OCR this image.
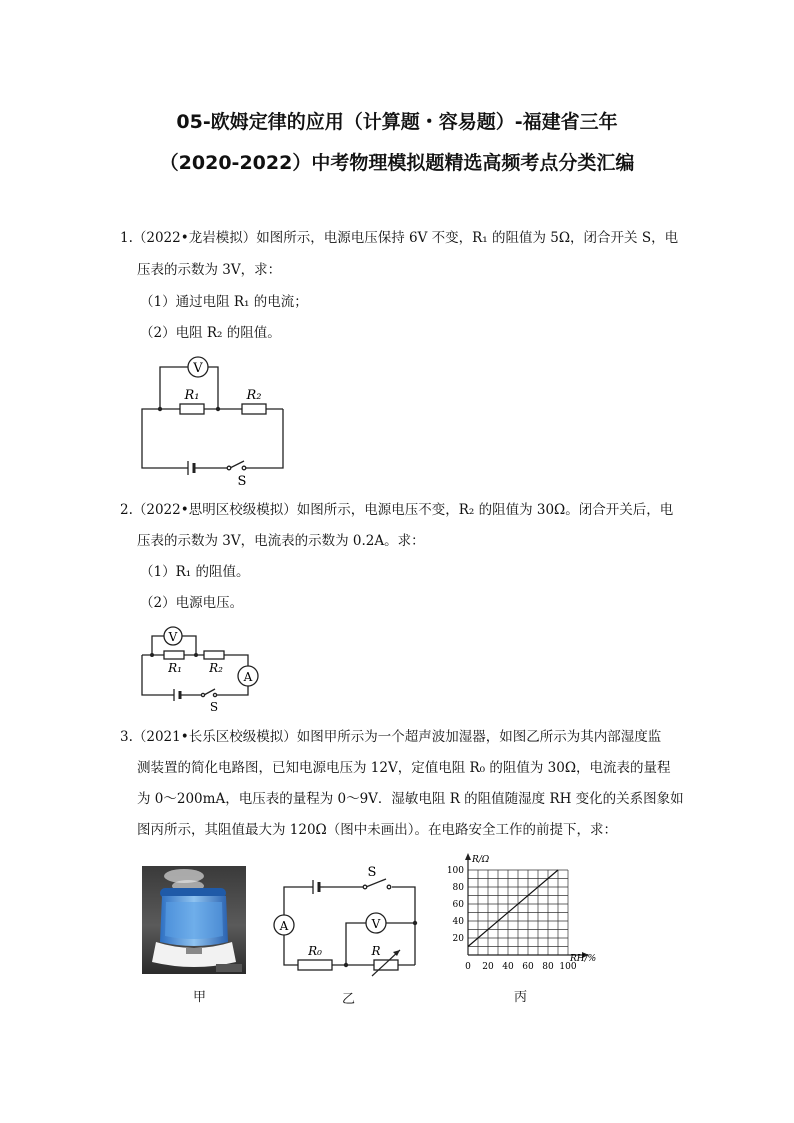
05-欧姆定律的应用（计算题・容易题）-福建省三年
（2020-2022）中考物理模拟题精选高频考点分类汇编
1.（2022•龙岩模拟）如图所示，电源电压保持 6V 不变，R₁ 的阻值为 5Ω，闭合开关 S，电
压表的示数为 3V，求：
（1）通过电阻 R₁ 的电流；
（2）电阻 R₂ 的阻值。
V
R₁	R₂
S
2.（2022•思明区校级模拟）如图所示，电源电压不变，R₂ 的阻值为 30Ω。闭合开关后，电
压表的示数为 3V，电流表的示数为 0.2A。求：
（1）R₁ 的阻值。
（2）电源电压。
V
R₁ R₂
A
S
3.（2021•长乐区校级模拟）如图甲所示为一个超声波加湿器，如图乙所示为其内部湿度监
测装置的简化电路图，已知电源电压为 12V，定值电阻 R₀ 的阻值为 30Ω，电流表的量程
为 0～200mA，电压表的量程为 0～9V．湿敏电阻 R 的阻值随湿度 RH 变化的关系图象如
图丙所示，其阻值最大为 120Ω（图中未画出）。在电路安全工作的前提下，求：
甲
S
A	V
R₀	R
乙
0 20 40 60 80 100
20
40
60
80
100
R/Ω
RH/%
丙
